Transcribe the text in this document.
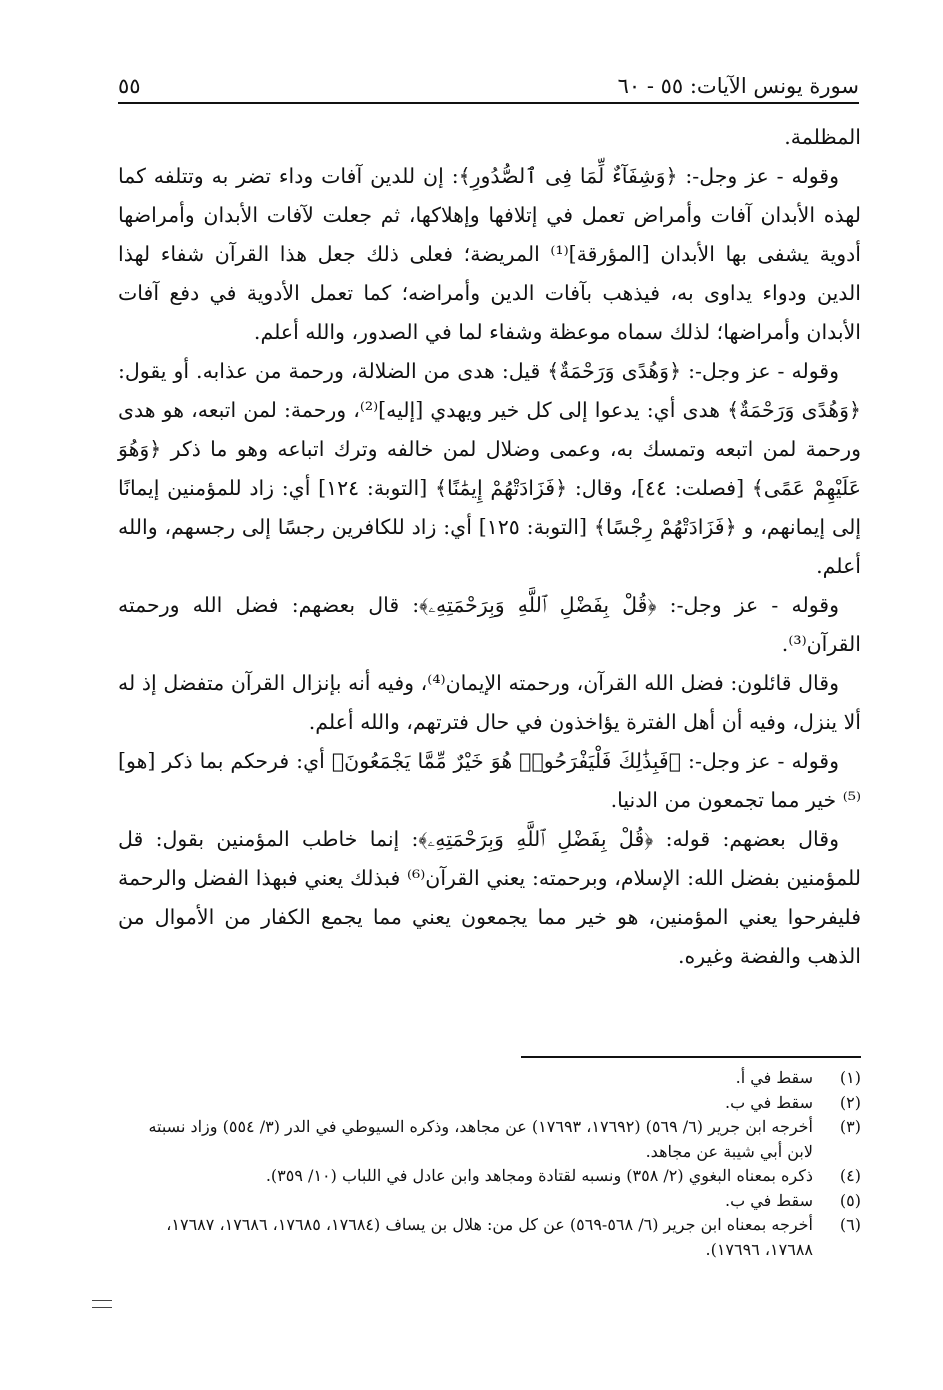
سورة يونس الآيات: ٥٥ - ٦٠
٥٥

المظلمة.

وقوله - عز وجل-: ﴿وَشِفَآءٌ لِّمَا فِى ٱلصُّدُورِ﴾: إن للدين آفات وداء تضر به وتتلفه كما لهذه الأبدان آفات وأمراض تعمل في إتلافها وإهلاكها، ثم جعلت لآفات الأبدان وأمراضها أدوية يشفى بها الأبدان [المؤرقة]⁽¹⁾ المريضة؛ فعلى ذلك جعل هذا القرآن شفاء لهذا الدين ودواء يداوى به، فيذهب بآفات الدين وأمراضه؛ كما تعمل الأدوية في دفع آفات الأبدان وأمراضها؛ لذلك سماه موعظة وشفاء لما في الصدور، والله أعلم.

وقوله - عز وجل-: ﴿وَهُدًى وَرَحْمَةٌ﴾ قيل: هدى من الضلالة، ورحمة من عذابه. أو يقول: ﴿وَهُدًى وَرَحْمَةٌ﴾ هدى أي: يدعوا إلى كل خير ويهدي [إليه]⁽²⁾، ورحمة: لمن اتبعه، هو هدى ورحمة لمن اتبعه وتمسك به، وعمى وضلال لمن خالفه وترك اتباعه وهو ما ذكر ﴿وَهُوَ عَلَيْهِمْ عَمًى﴾ [فصلت: ٤٤]، وقال: ﴿فَزَادَتْهُمْ إِيمَٰنًا﴾ [التوبة: ١٢٤] أي: زاد للمؤمنين إيمانًا إلى إيمانهم، و ﴿فَزَادَتْهُمْ رِجْسًا﴾ [التوبة: ١٢٥] أي: زاد للكافرين رجسًا إلى رجسهم، والله أعلم.

وقوله - عز وجل-: ﴿قُلْ بِفَضْلِ ٱللَّهِ وَبِرَحْمَتِهِۦ﴾: قال بعضهم: فضل الله ورحمته القرآن⁽³⁾.

وقال قائلون: فضل الله القرآن، ورحمته الإيمان⁽⁴⁾، وفيه أنه بإنزال القرآن متفضل إذ له ألا ينزل، وفيه أن أهل الفترة يؤاخذون في حال فترتهم، والله أعلم.

وقوله - عز وجل-: ﴿فَبِذَٰلِكَ فَلْيَفْرَحُوا۟ هُوَ خَيْرٌ مِّمَّا يَجْمَعُونَ﴾ أي: فرحكم بما ذكر [هو]⁽⁵⁾ خير مما تجمعون من الدنيا.

وقال بعضهم: قوله: ﴿قُلْ بِفَضْلِ ٱللَّهِ وَبِرَحْمَتِهِۦ﴾: إنما خاطب المؤمنين بقول: قل للمؤمنين بفضل الله: الإسلام، وبرحمته: يعني القرآن⁽⁶⁾ فبذلك يعني فبهذا الفضل والرحمة فليفرحوا يعني المؤمنين، هو خير مما يجمعون يعني مما يجمع الكفار من الأموال من الذهب والفضة وغيره.

(١)
سقط في أ.
(٢)
سقط في ب.
(٣)
أخرجه ابن جرير (٦/ ٥٦٩) (١٧٦٩٢، ١٧٦٩٣) عن مجاهد، وذكره السيوطي في الدر (٣/ ٥٥٤) وزاد نسبته لابن أبي شيبة عن مجاهد.
(٤)
ذكره بمعناه البغوي (٢/ ٣٥٨) ونسبه لقتادة ومجاهد وابن عادل في اللباب (١٠/ ٣٥٩).
(٥)
سقط في ب.
(٦)
أخرجه بمعناه ابن جرير (٦/ ٥٦٨-٥٦٩) عن كل من: هلال بن يساف (١٧٦٨٤، ١٧٦٨٥، ١٧٦٨٦، ١٧٦٨٧، ١٧٦٨٨، ١٧٦٩٦).
